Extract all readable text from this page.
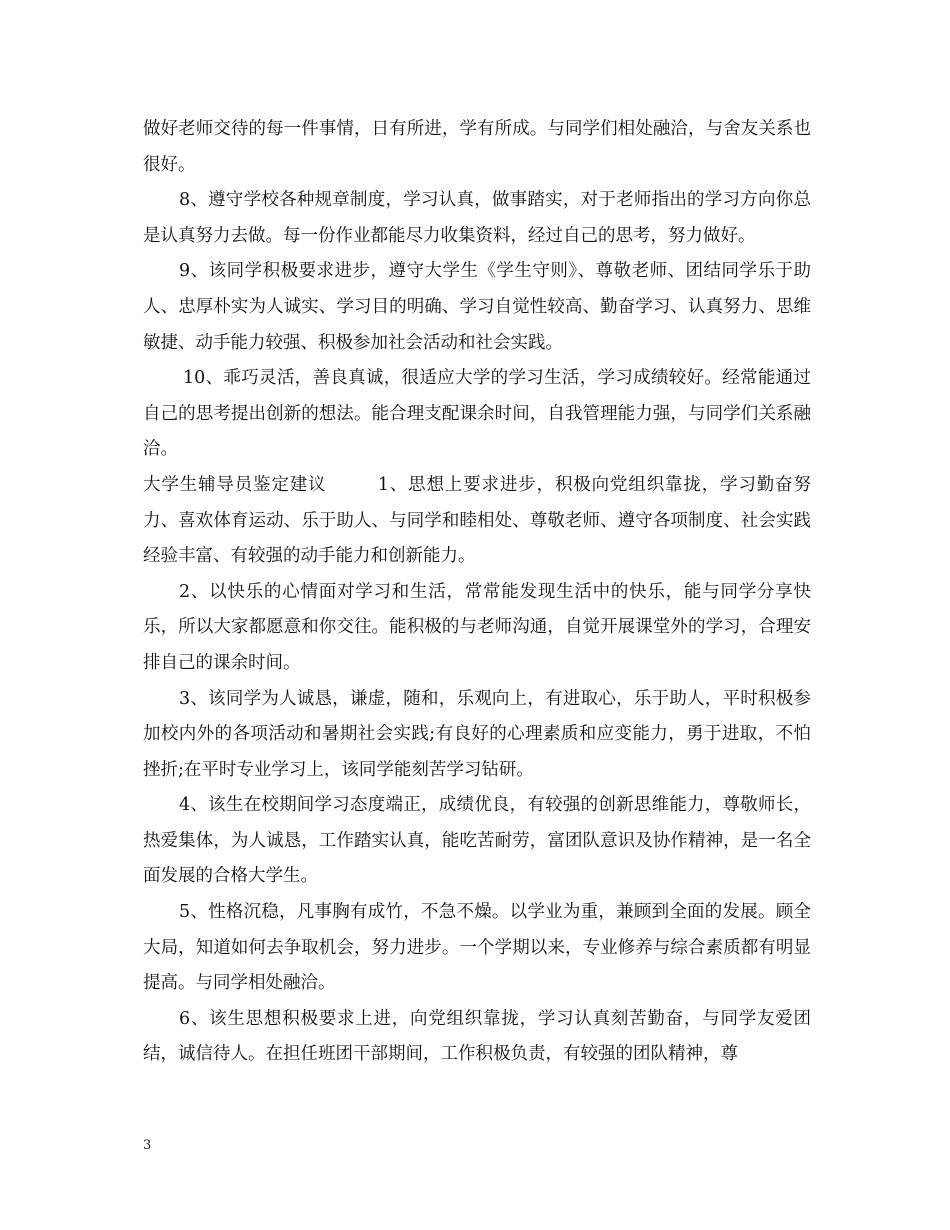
做好老师交待的每一件事情，日有所进，学有所成。与同学们相处融洽，与舍友关系也很好。

8、遵守学校各种规章制度，学习认真，做事踏实，对于老师指出的学习方向你总是认真努力去做。每一份作业都能尽力收集资料，经过自己的思考，努力做好。

9、该同学积极要求进步，遵守大学生《学生守则》、尊敬老师、团结同学乐于助人、忠厚朴实为人诚实、学习目的明确、学习自觉性较高、勤奋学习、认真努力、思维敏捷、动手能力较强、积极参加社会活动和社会实践。

10、乖巧灵活，善良真诚，很适应大学的学习生活，学习成绩较好。经常能通过自己的思考提出创新的想法。能合理支配课余时间，自我管理能力强，与同学们关系融洽。

大学生辅导员鉴定建议	1、思想上要求进步，积极向党组织靠拢，学习勤奋努力、喜欢体育运动、乐于助人、与同学和睦相处、尊敬老师、遵守各项制度、社会实践经验丰富、有较强的动手能力和创新能力。

2、以快乐的心情面对学习和生活，常常能发现生活中的快乐，能与同学分享快乐，所以大家都愿意和你交往。能积极的与老师沟通，自觉开展课堂外的学习，合理安排自己的课余时间。

3、该同学为人诚恳，谦虚，随和，乐观向上，有进取心，乐于助人，平时积极参加校内外的各项活动和暑期社会实践;有良好的心理素质和应变能力，勇于进取，不怕挫折;在平时专业学习上，该同学能刻苦学习钻研。

4、该生在校期间学习态度端正，成绩优良，有较强的创新思维能力，尊敬师长，热爱集体，为人诚恳，工作踏实认真，能吃苦耐劳，富团队意识及协作精神，是一名全面发展的合格大学生。

5、性格沉稳，凡事胸有成竹，不急不燥。以学业为重，兼顾到全面的发展。顾全大局，知道如何去争取机会，努力进步。一个学期以来，专业修养与综合素质都有明显提高。与同学相处融洽。

6、该生思想积极要求上进，向党组织靠拢，学习认真刻苦勤奋，与同学友爱团结，诚信待人。在担任班团干部期间，工作积极负责，有较强的团队精神，尊

3
